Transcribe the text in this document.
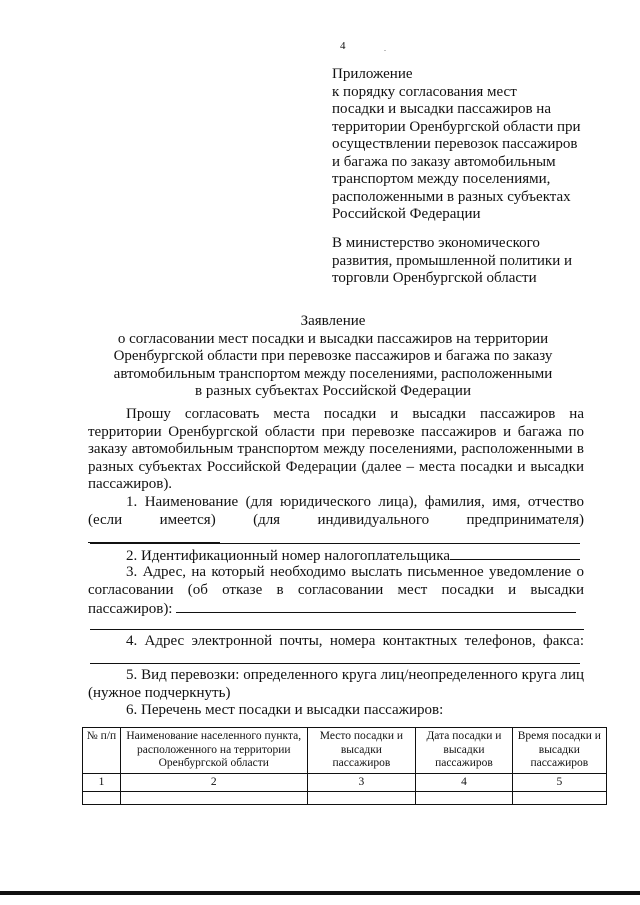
4	.
Приложение
к порядку согласования мест
посадки и высадки пассажиров на
территории Оренбургской области при
осуществлении перевозок пассажиров
и багажа по заказу автомобильным
транспортом между поселениями,
расположенными в разных субъектах
Российской Федерации
В министерство экономического
развития, промышленной политики и
торговли Оренбургской области
Заявление
о согласовании мест посадки и высадки пассажиров на территории
Оренбургской области при перевозке пассажиров и багажа по заказу
автомобильным транспортом между поселениями, расположенными
в разных субъектах Российской Федерации
Прошу согласовать места посадки и высадки пассажиров на территории Оренбургской области при перевозке пассажиров и багажа по заказу автомобильным транспортом между поселениями, расположенными в разных субъектах Российской Федерации (далее – места посадки и высадки пассажиров).
1. Наименование (для юридического лица), фамилия, имя, отчество (если имеется) (для индивидуального предпринимателя)
2. Идентификационный номер налогоплательщика
3. Адрес, на который необходимо выслать письменное уведомление о согласовании (об отказе в согласовании мест посадки и высадки пассажиров):
4. Адрес электронной почты, номера контактных телефонов, факса:
5. Вид перевозки: определенного круга лиц/неопределенного круга лиц (нужное подчеркнуть)
6. Перечень мест посадки и высадки пассажиров:
№ п/п	Наименование населенного пункта, расположенного на территории Оренбургской области	Место посадки и высадки пассажиров	Дата посадки и высадки пассажиров	Время посадки и высадки пассажиров
1	2	3	4	5
